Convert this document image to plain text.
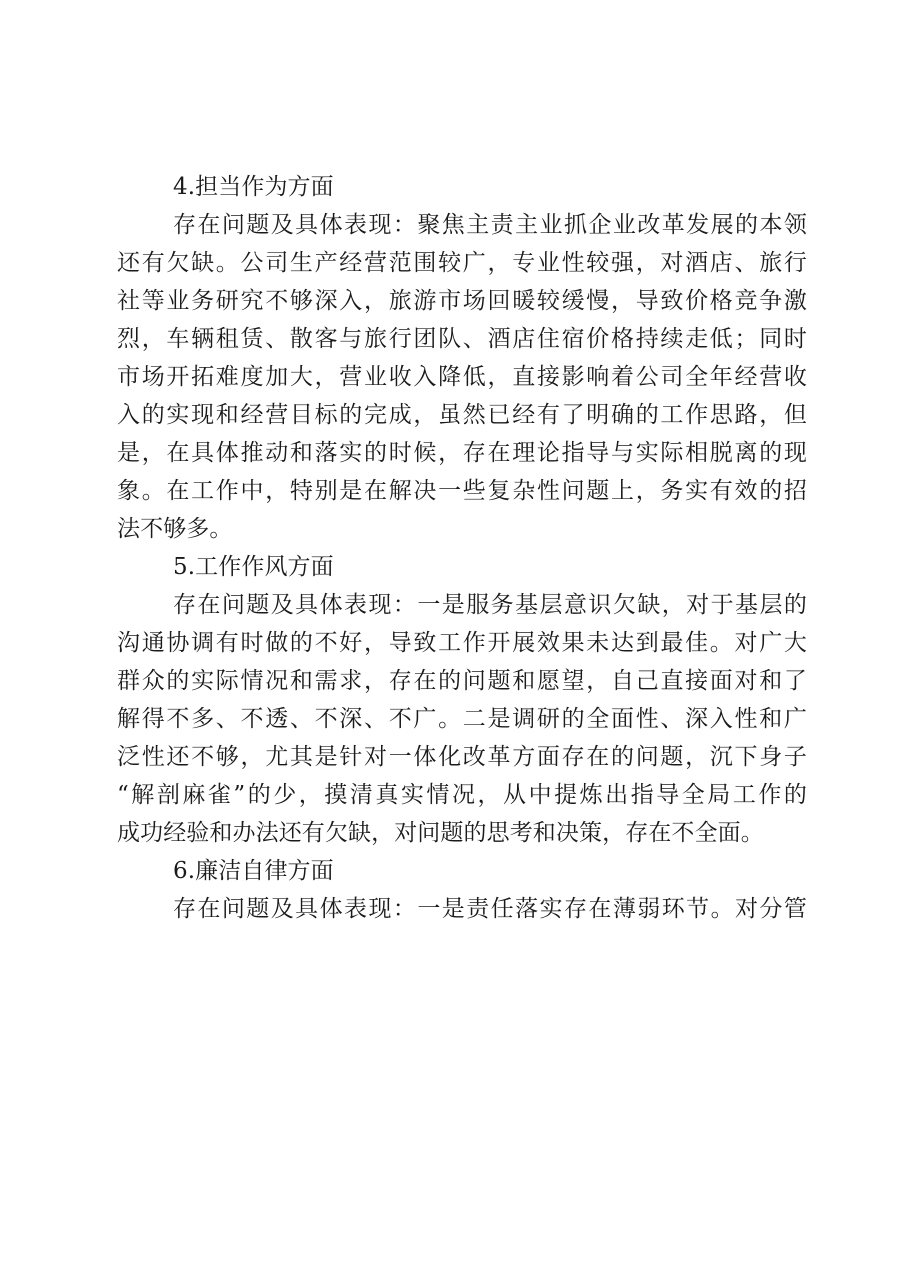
4.担当作为方面

存在问题及具体表现：聚焦主责主业抓企业改革发展的本领

还有欠缺。公司生产经营范围较广，专业性较强，对酒店、旅行

社等业务研究不够深入，旅游市场回暖较缓慢，导致价格竞争激

烈，车辆租赁、散客与旅行团队、酒店住宿价格持续走低；同时

市场开拓难度加大，营业收入降低，直接影响着公司全年经营收

入的实现和经营目标的完成，虽然已经有了明确的工作思路，但

是，在具体推动和落实的时候，存在理论指导与实际相脱离的现

象。在工作中，特别是在解决一些复杂性问题上，务实有效的招

法不够多。

5.工作作风方面

存在问题及具体表现：一是服务基层意识欠缺，对于基层的

沟通协调有时做的不好，导致工作开展效果未达到最佳。对广大

群众的实际情况和需求，存在的问题和愿望，自己直接面对和了

解得不多、不透、不深、不广。二是调研的全面性、深入性和广

泛性还不够，尤其是针对一体化改革方面存在的问题，沉下身子

“解剖麻雀”的少，摸清真实情况，从中提炼出指导全局工作的

成功经验和办法还有欠缺，对问题的思考和决策，存在不全面。

6.廉洁自律方面

存在问题及具体表现：一是责任落实存在薄弱环节。对分管
